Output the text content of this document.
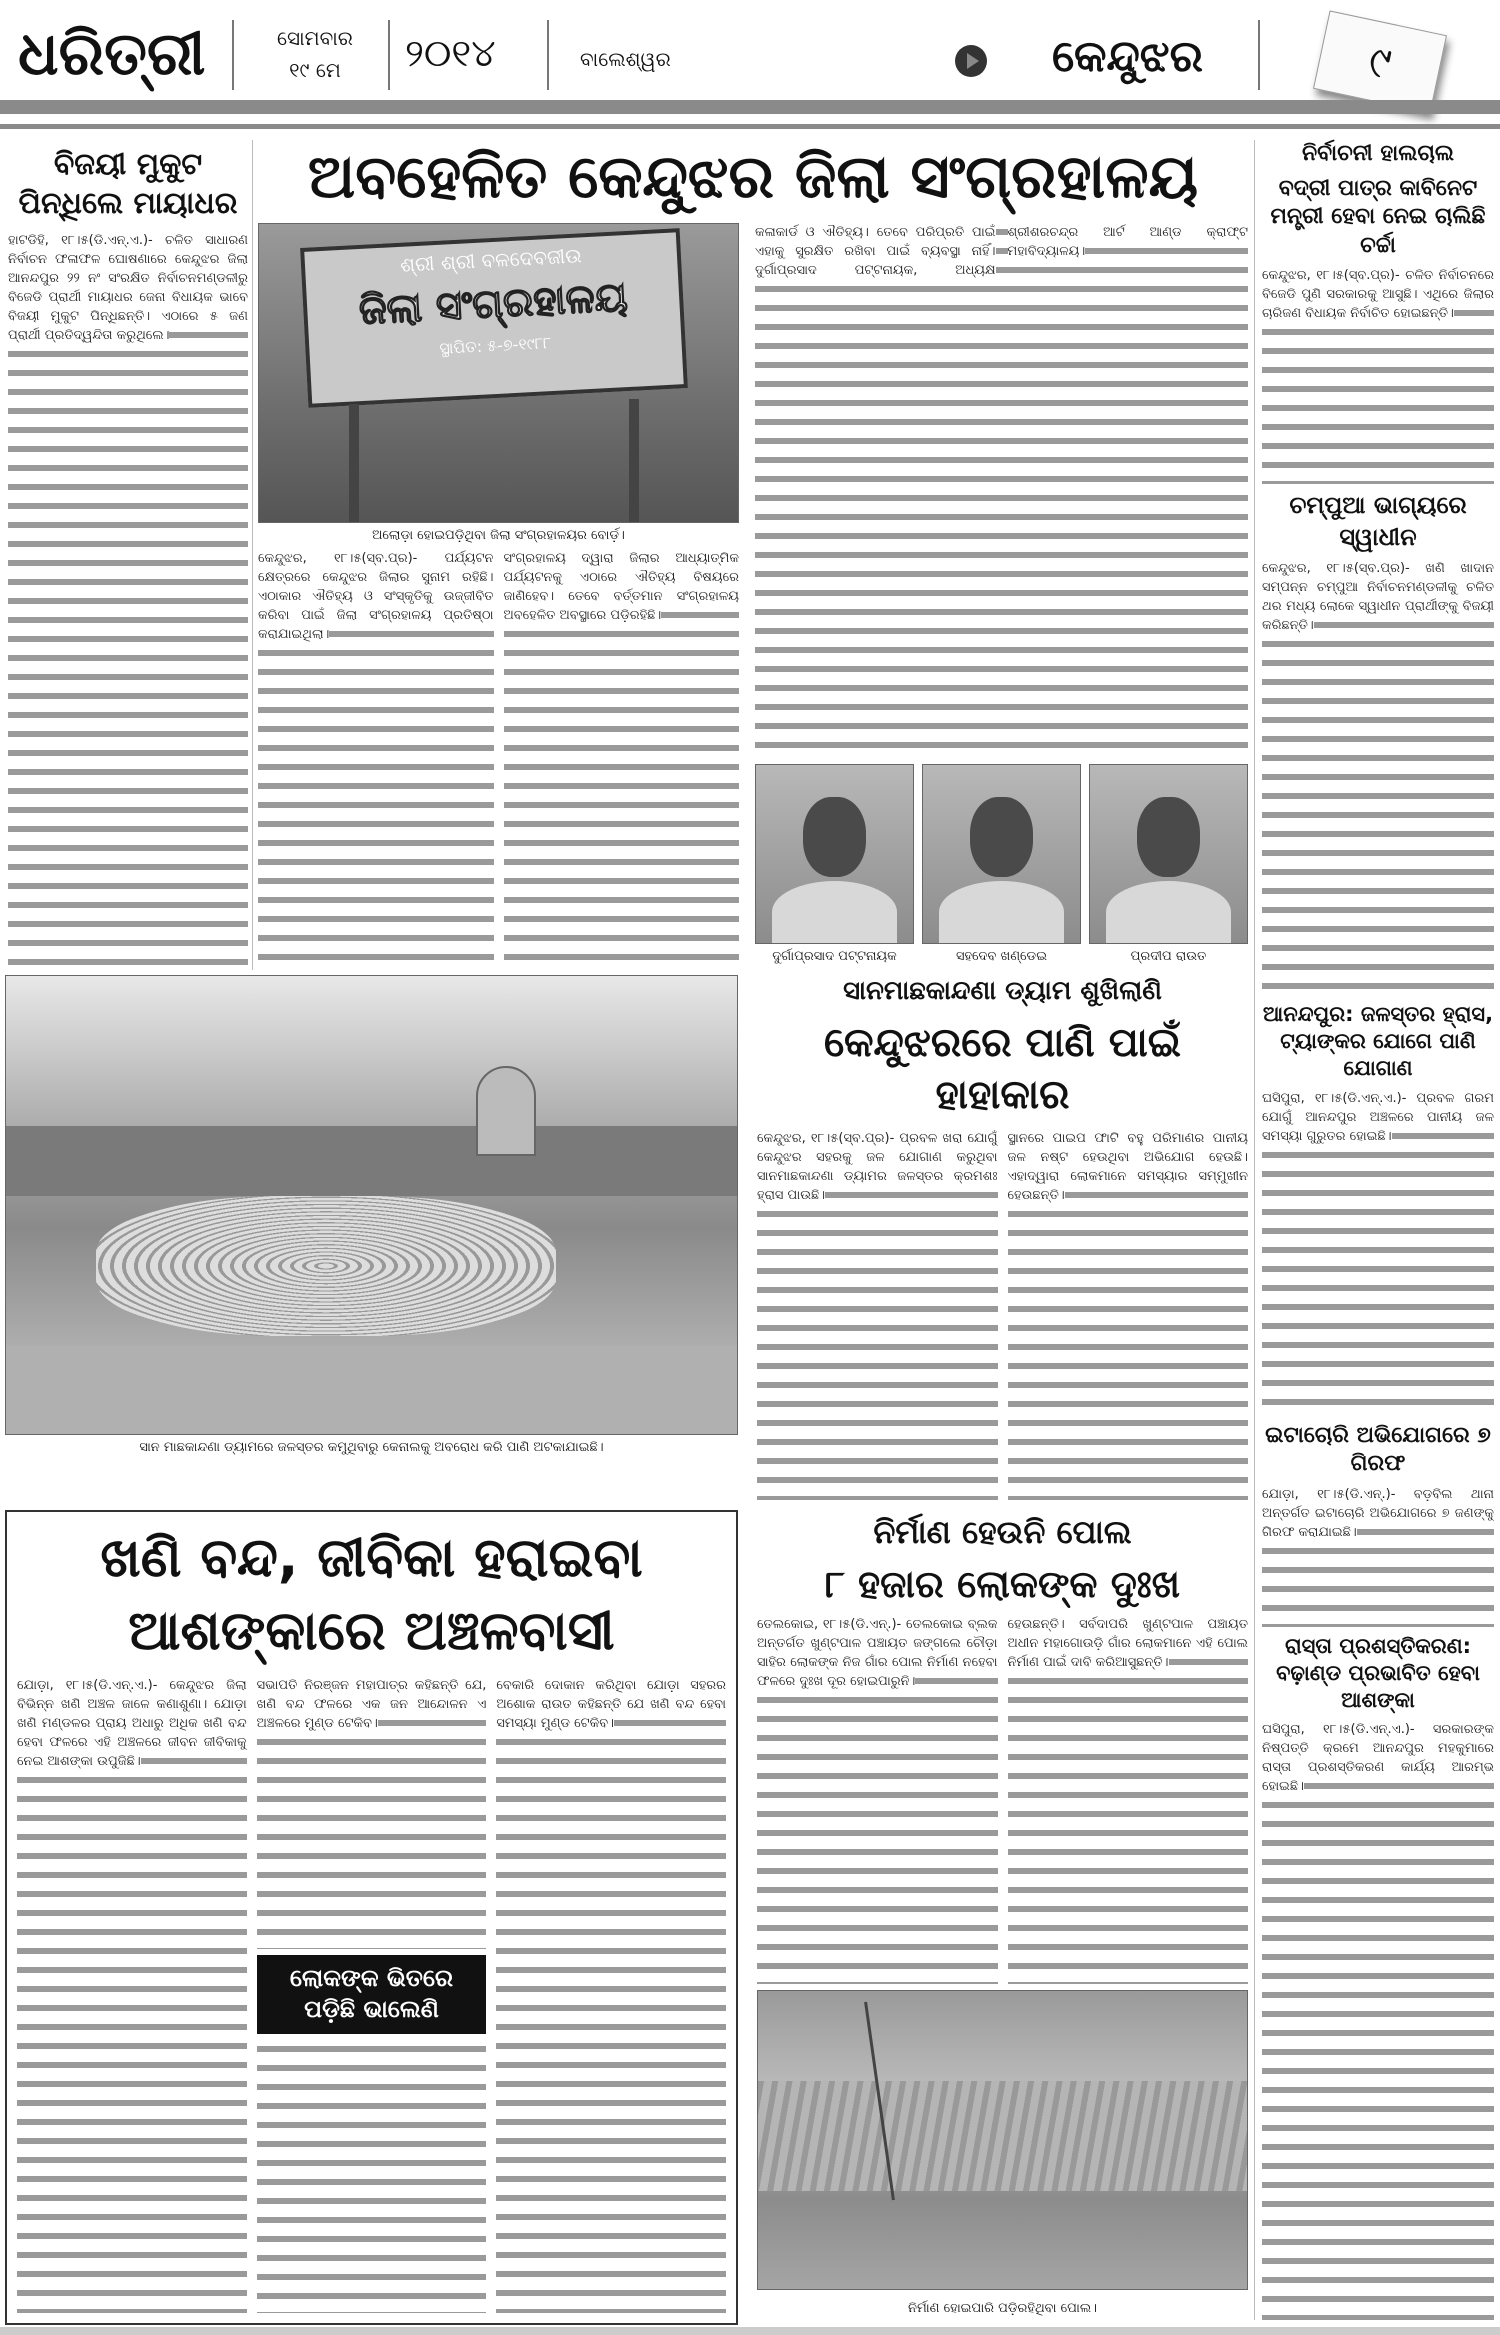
ଧରିତ୍ରୀ	ସୋମବାର
୧୯ ମେ	୨୦୧୪	ବାଲେଶ୍ୱର	କେନ୍ଦୁଝର	୯
ବିଜୟୀ ମୁକୁଟ ପିନ୍ଧିଲେ ମାୟାଧର

ହାଟଡିହି, ୧୮।୫(ଡି.ଏନ୍.ଏ.)- ଚଳିତ ସାଧାରଣ ନିର୍ବାଚନ ଫଳାଫଳ ଘୋଷଣାରେ କେନ୍ଦୁଝର ଜିଲା ଆନନ୍ଦପୁର ୨୨ ନଂ ସଂରକ୍ଷିତ ନିର୍ବାଚନମଣ୍ଡଳୀରୁ ବିଜେଡି ପ୍ରାର୍ଥୀ ମାୟାଧର ଜେନା ବିଧାୟକ ଭାବେ ବିଜୟୀ ମୁକୁଟ ପିନ୍ଧିଛନ୍ତି। ଏଠାରେ ୫ ଜଣ ପ୍ରାର୍ଥୀ ପ୍ରତିଦ୍ୱନ୍ଦିତା କରୁଥିଲେ।

ଅବହେଳିତ କେନ୍ଦୁଝର ଜିଲା ସଂଗ୍ରହାଳୟ
ଶ୍ରୀ ଶ୍ରୀ ବଳଦେବଜୀଉ
ଜିଲା ସଂଗ୍ରହାଳୟ
ସ୍ଥାପିତ: ୫-୭-୧୯୮୮
ଅଲୋଡ଼ା ହୋଇପଡ଼ିଥିବା ଜିଲା ସଂଗ୍ରହାଳୟର ବୋର୍ଡ଼।

କେନ୍ଦୁଝର, ୧୮।୫(ସ୍ବ.ପ୍ର)- ପର୍ଯ୍ୟଟନ କ୍ଷେତ୍ରରେ କେନ୍ଦୁଝର ଜିଲାର ସୁନାମ ରହିଛି। ଏଠାକାର ଐତିହ୍ୟ ଓ ସଂସ୍କୃତିକୁ ଉଜ୍ଜୀବିତ କରିବା ପାଇଁ ଜିଲା ସଂଗ୍ରହାଳୟ ପ୍ରତିଷ୍ଠା କରାଯାଇଥିଲା।

ସଂଗ୍ରହାଳୟ ଦ୍ୱାରା ଜିଲାର ଆଧ୍ୟାତ୍ମିକ ପର୍ଯ୍ୟଟନକୁ ଏଠାରେ ଐତିହ୍ୟ ବିଷୟରେ ଜାଣିହେବ। ତେବେ ବର୍ତ୍ତମାନ ସଂଗ୍ରହାଳୟ ଅବହେଳିତ ଅବସ୍ଥାରେ ପଡ଼ିରହିଛି।

କଳାକାର୍ଡ ଓ ଐତିହ୍ୟ। ତେବେ ପରିପ୍ରତି ପାଇଁ ଏହାକୁ ସୁରକ୍ଷିତ ରଖିବା ପାଇଁ ବ୍ୟବସ୍ଥା ନାହିଁ। ଦୁର୍ଗାପ୍ରସାଦ ପଟ୍ଟନାୟକ, ଅଧ୍ୟକ୍ଷ ଶ୍ରୀଶରଚନ୍ଦ୍ର ଆର୍ଟ ଆଣ୍ଡ କ୍ରାଫ୍ଟ ମହାବିଦ୍ୟାଳୟ।

ଦୁର୍ଗାପ୍ରସାଦ ପଟ୍ଟନାୟକ	ସହଦେବ ଖଣ୍ଡେଇ	ପ୍ରଦୀପ ରାଉତ
ନିର୍ବାଚନୀ ହାଲଚାଲ
ବଦ୍ରୀ ପାତ୍ର କାବିନେଟ ମନ୍ତ୍ରୀ ହେବା ନେଇ ଚାଲିଛି ଚର୍ଚ୍ଚା

କେନ୍ଦୁଝର, ୧୮।୫(ସ୍ବ.ପ୍ର)- ଚଳିତ ନିର୍ବାଚନରେ ବିଜେଡି ପୁଣି ସରକାରକୁ ଆସୁଛି। ଏଥିରେ ଜିଲାର ଚାରିଜଣ ବିଧାୟକ ନିର୍ବାଚିତ ହୋଇଛନ୍ତି।

ଚମ୍ପୁଆ ଭାଗ୍ୟରେ ସ୍ୱାଧୀନ

କେନ୍ଦୁଝର, ୧୮।୫(ସ୍ବ.ପ୍ର)- ଖଣି ଖାଦାନ ସମ୍ପନ୍ନ ଚମ୍ପୁଆ ନିର୍ବାଚନମଣ୍ଡଳୀକୁ ଚଳିତ ଥର ମଧ୍ୟ ଲୋକେ ସ୍ୱାଧୀନ ପ୍ରାର୍ଥୀଙ୍କୁ ବିଜୟୀ କରିଛନ୍ତି।

ଆନନ୍ଦପୁର: ଜଳସ୍ତର ହ୍ରାସ, ଟ୍ୟାଙ୍କର ଯୋଗେ ପାଣି ଯୋଗାଣ

ଘସିପୁରା, ୧୮।୫(ଡି.ଏନ୍.ଏ.)- ପ୍ରବଳ ଗରମ ଯୋଗୁଁ ଆନନ୍ଦପୁର ଅଞ୍ଚଳରେ ପାନୀୟ ଜଳ ସମସ୍ୟା ଗୁରୁତର ହୋଇଛି।

ଇଟାଚୋରି ଅଭିଯୋଗରେ ୭ ଗିରଫ

ଯୋଡ଼ା, ୧୮।୫(ଡି.ଏନ୍.)- ବଡ଼ବିଲ ଥାନା ଅନ୍ତର୍ଗତ ଇଟାଚୋରି ଅଭିଯୋଗରେ ୭ ଜଣଙ୍କୁ ଗିରଫ କରାଯାଇଛି।

ରାସ୍ତା ପ୍ରଶସ୍ତିକରଣ: ବଢ଼ାଣ୍ଡ ପ୍ରଭାବିତ ହେବା ଆଶଙ୍କା

ଘସିପୁରା, ୧୮।୫(ଡି.ଏନ୍.ଏ.)- ସରକାରଙ୍କ ନିଷ୍ପତ୍ତି କ୍ରମେ ଆନନ୍ଦପୁର ମହକୁମାରେ ରାସ୍ତା ପ୍ରଶସ୍ତିକରଣ କାର୍ଯ୍ୟ ଆରମ୍ଭ ହୋଇଛି।

ସାନ ମାଛକାନ୍ଦଣା ଡ୍ୟାମରେ ଜଳସ୍ତର କମୁଥିବାରୁ କେନାଲକୁ ଅବରୋଧ କରି ପାଣି ଅଟକାଯାଇଛି।
ସାନମାଛକାନ୍ଦଣା ଡ୍ୟାମ ଶୁଖିଲାଣି
କେନ୍ଦୁଝରରେ ପାଣି ପାଇଁ ହାହାକାର

କେନ୍ଦୁଝର, ୧୮।୫(ସ୍ବ.ପ୍ର)- ପ୍ରବଳ ଖରା ଯୋଗୁଁ କେନ୍ଦୁଝର ସହରକୁ ଜଳ ଯୋଗାଣ କରୁଥିବା ସାନମାଛକାନ୍ଦଣା ଡ୍ୟାମର ଜଳସ୍ତର କ୍ରମଶଃ ହ୍ରାସ ପାଉଛି।

ସ୍ଥାନରେ ପାଇପ ଫାଟି ବହୁ ପରିମାଣର ପାନୀୟ ଜଳ ନଷ୍ଟ ହେଉଥିବା ଅଭିଯୋଗ ହେଉଛି। ଏହାଦ୍ୱାରା ଲୋକମାନେ ସମସ୍ୟାର ସମ୍ମୁଖୀନ ହେଉଛନ୍ତି।

ଖଣି ବନ୍ଦ, ଜୀବିକା ହରାଇବା ଆଶଙ୍କାରେ ଅଞ୍ଚଳବାସୀ

ଯୋଡ଼ା, ୧୮।୫(ଡି.ଏନ୍.ଏ.)- କେନ୍ଦୁଝର ଜିଲା ବିଭିନ୍ନ ଖଣି ଅଞ୍ଚଳ ଜାଳେ କଣାଶୁଣା। ଯୋଡ଼ା ଖଣି ମଣ୍ଡଳର ପ୍ରାୟ ଅଧାରୁ ଅଧିକ ଖଣି ବନ୍ଦ ହେବା ଫଳରେ ଏହି ଅଞ୍ଚଳରେ ଜୀବନ ଜୀବିକାକୁ ନେଇ ଆଶଙ୍କା ଉପୁଜିଛି।

ସଭାପତି ନିରଞ୍ଜନ ମହାପାତ୍ର କହିଛନ୍ତି ଯେ, ଖଣି ବନ୍ଦ ଫଳରେ ଏକ ଜନ ଆନ୍ଦୋଳନ ଏ ଅଞ୍ଚଳରେ ମୁଣ୍ଡ ଟେକିବ।

ଲୋକଙ୍କ ଭିତରେ ପଡ଼ିଛି ଭାଲେଣି

ବେକାରି ଦୋକାନ କରିଥିବା ଯୋଡ଼ା ସହରର ଅଶୋକ ରାଉତ କହିଛନ୍ତି ଯେ ଖଣି ବନ୍ଦ ହେବା ସମସ୍ୟା ମୁଣ୍ଡ ଟେକିବ।

ନିର୍ମାଣ ହେଉନି ପୋଲ
୮ ହଜାର ଲୋକଙ୍କ ଦୁଃଖ

ତେଲକୋଇ, ୧୮।୫(ଡି.ଏନ୍.)- ତେଲକୋଇ ବ୍ଲକ ଅନ୍ତର୍ଗତ ଖୁଣ୍ଟପାଳ ପଞ୍ଚାୟତ ଜଙ୍ଗଲେ ଚୌଡ଼ା ସାହିର ଲୋକଙ୍କ ନିଜ ଗାଁର ପୋଲ ନିର୍ମାଣ ନହେବା ଫଳରେ ଦୁଃଖ ଦୂର ହୋଇପାରୁନି।

ହେଉଛନ୍ତି। ସର୍ବଦାପରି ଖୁଣ୍ଟପାଳ ପଞ୍ଚାୟତ ଅଧୀନ ମହାଗୋଉଡ଼ି ଗାଁର ଲୋକମାନେ ଏହି ପୋଲ ନିର୍ମାଣ ପାଇଁ ଦାବି କରିଆସୁଛନ୍ତି।

ନିର୍ମାଣ ହୋଇପାରି ପଡ଼ିରହିଥିବା ପୋଲ।
